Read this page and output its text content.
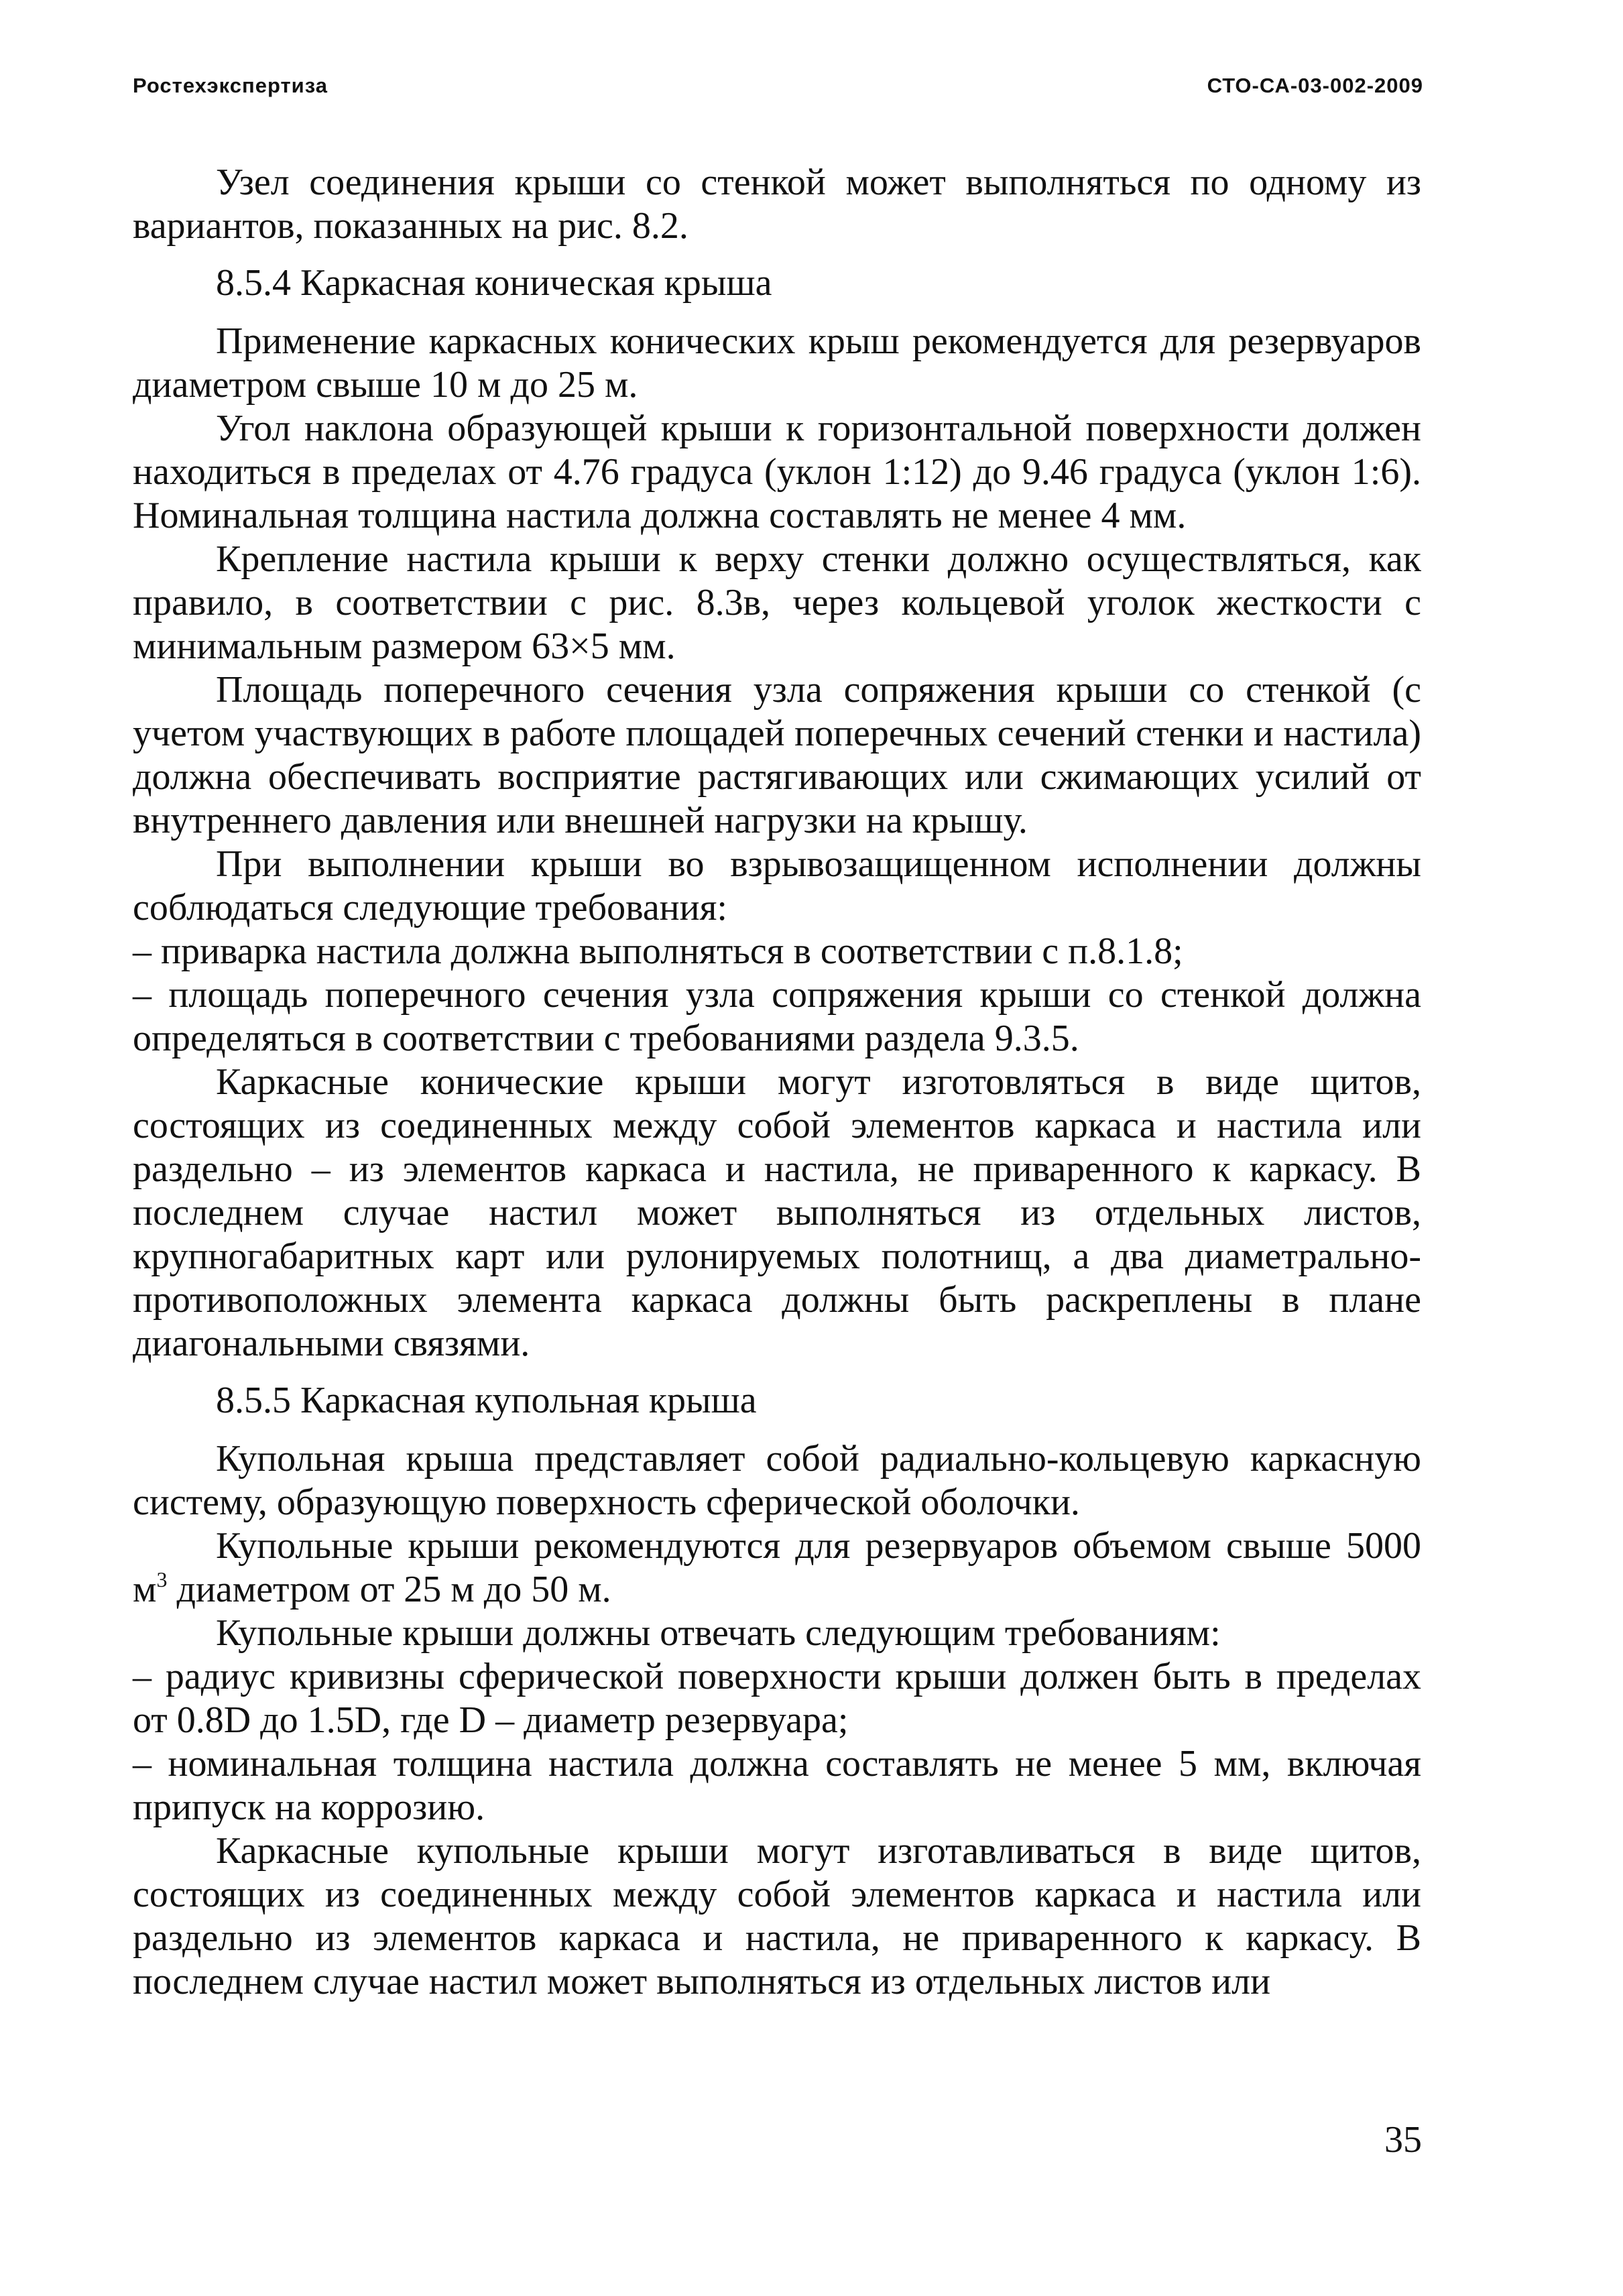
Ростехэкспертиза	СТО-СА-03-002-2009

Узел соединения крыши со стенкой может выполняться по одному из вариантов, показанных на рис. 8.2.

8.5.4 Каркасная коническая крыша

Применение каркасных конических крыш рекомендуется для резервуаров диаметром свыше 10 м до 25 м.

Угол наклона образующей крыши к горизонтальной поверхности должен находиться в пределах от 4.76 градуса (уклон 1:12) до 9.46 градуса (уклон 1:6). Номинальная толщина настила должна составлять не менее 4 мм.

Крепление настила крыши к верху стенки должно осуществляться, как правило, в соответствии с рис. 8.3в, через кольцевой уголок жесткости с минимальным размером 63×5 мм.

Площадь поперечного сечения узла сопряжения крыши со стенкой (с учетом участвующих в работе площадей поперечных сечений стенки и настила) должна обеспечивать восприятие растягивающих или сжимающих усилий от внутреннего давления или внешней нагрузки на крышу.

При выполнении крыши во взрывозащищенном исполнении должны соблюдаться следующие требования:

– приварка настила должна выполняться в соответствии с п.8.1.8;

– площадь поперечного сечения узла сопряжения крыши со стенкой должна определяться в соответствии с требованиями раздела 9.3.5.

Каркасные конические крыши могут изготовляться в виде щитов, состоящих из соединенных между собой элементов каркаса и настила или раздельно – из элементов каркаса и настила, не приваренного к каркасу. В последнем случае настил может выполняться из отдельных листов, крупногабаритных карт или рулонируемых полотнищ, а два диаметрально-противоположных элемента каркаса должны быть раскреплены в плане диагональными связями.

8.5.5 Каркасная купольная крыша

Купольная крыша представляет собой радиально-кольцевую каркасную систему, образующую поверхность сферической оболочки.

Купольные крыши рекомендуются для резервуаров объемом свыше 5000 $м^3$ диаметром от 25 м до 50 м.

Купольные крыши должны отвечать следующим требованиям:

– радиус кривизны сферической поверхности крыши должен быть в пределах от 0.8D до 1.5D, где D – диаметр резервуара;

– номинальная толщина настила должна составлять не менее 5 мм, включая припуск на коррозию.

Каркасные купольные крыши могут изготавливаться в виде щитов, состоящих из соединенных между собой элементов каркаса и настила или раздельно из элементов каркаса и настила, не приваренного к каркасу. В последнем случае настил может выполняться из отдельных листов или

35
